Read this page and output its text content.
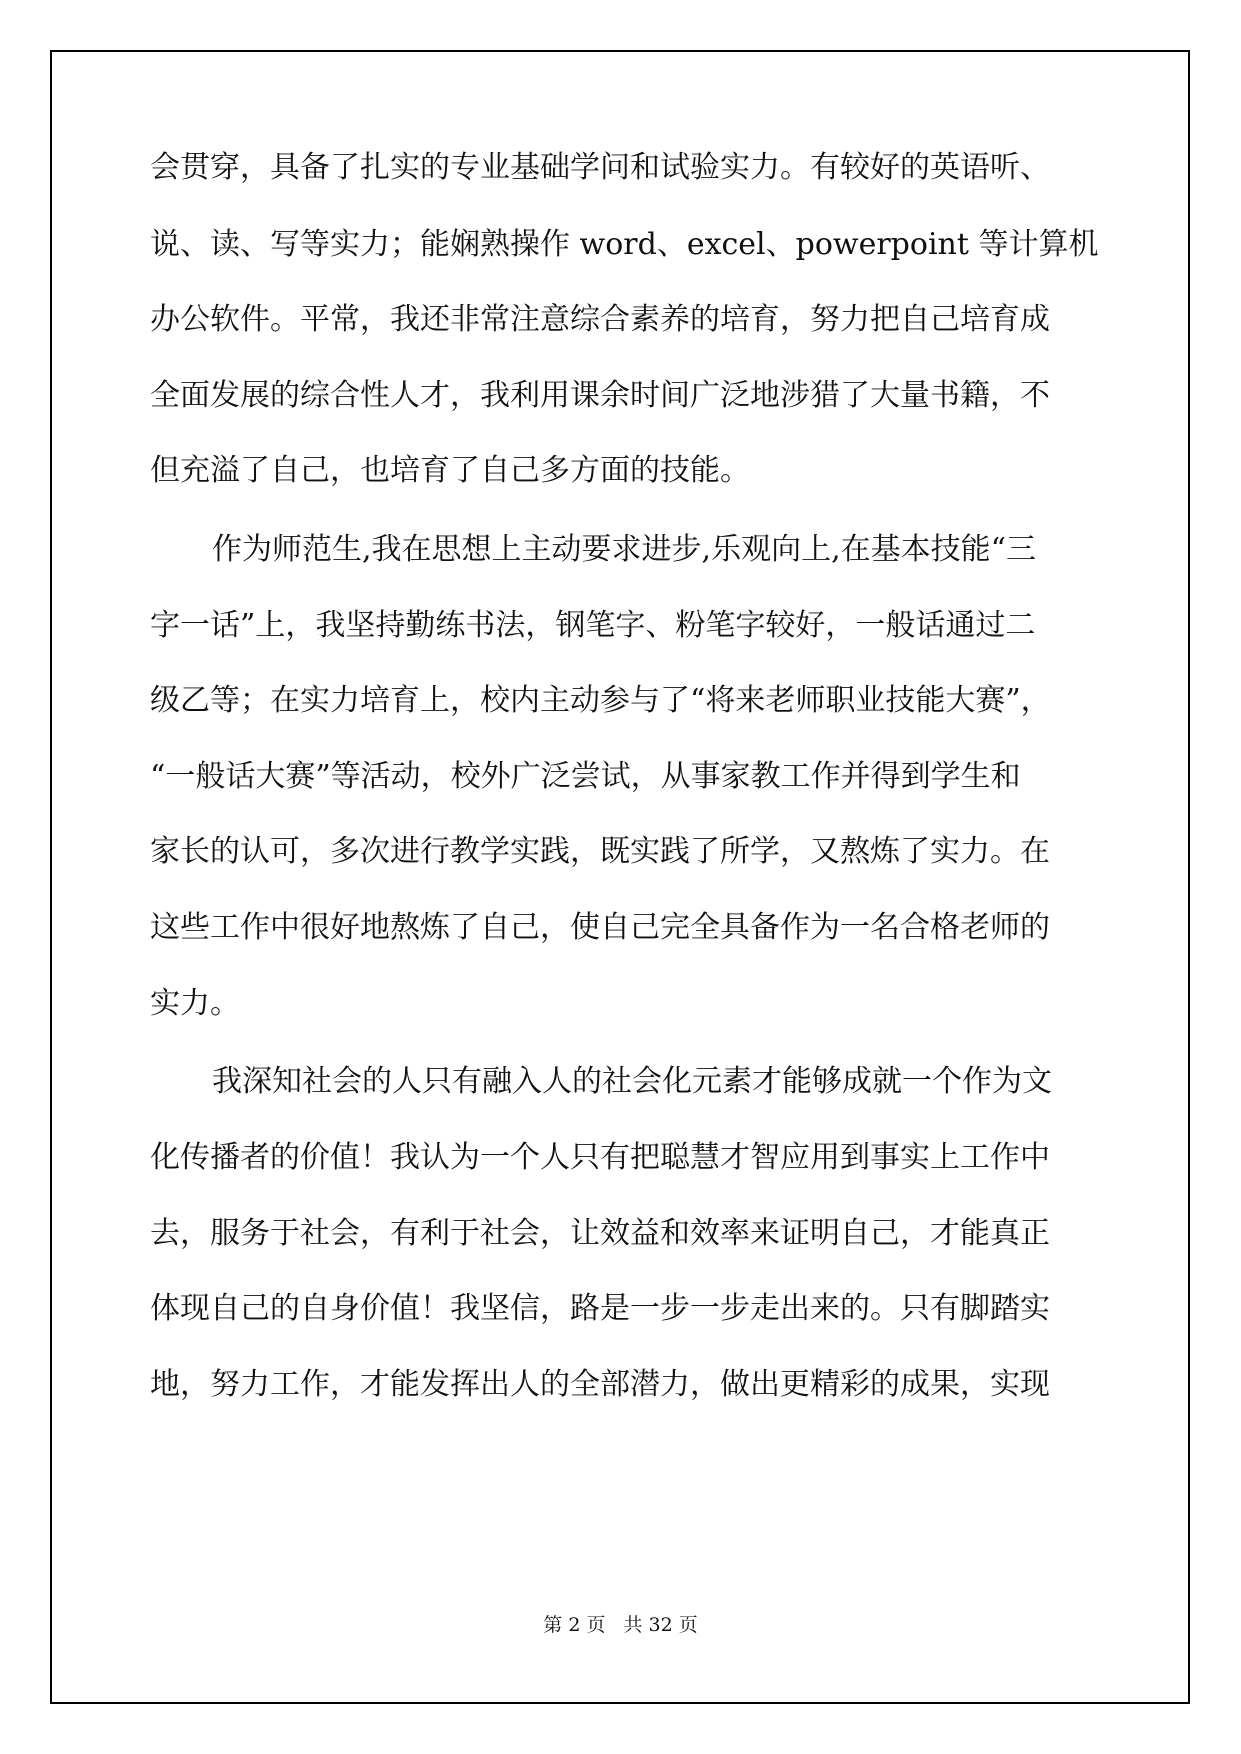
会贯穿，具备了扎实的专业基础学问和试验实力。有较好的英语听、
说、读、写等实力；能娴熟操作 word、excel、powerpoint 等计算机
办公软件。平常，我还非常注意综合素养的培育，努力把自己培育成
全面发展的综合性人才，我利用课余时间广泛地涉猎了大量书籍，不
但充溢了自己，也培育了自己多方面的技能。
作为师范生,我在思想上主动要求进步,乐观向上,在基本技能“三
字一话”上，我坚持勤练书法，钢笔字、粉笔字较好，一般话通过二
级乙等；在实力培育上，校内主动参与了“将来老师职业技能大赛”，
“一般话大赛”等活动，校外广泛尝试，从事家教工作并得到学生和
家长的认可，多次进行教学实践，既实践了所学，又熬炼了实力。在
这些工作中很好地熬炼了自己，使自己完全具备作为一名合格老师的
实力。
我深知社会的人只有融入人的社会化元素才能够成就一个作为文
化传播者的价值！我认为一个人只有把聪慧才智应用到事实上工作中
去，服务于社会，有利于社会，让效益和效率来证明自己，才能真正
体现自己的自身价值！我坚信，路是一步一步走出来的。只有脚踏实
地，努力工作，才能发挥出人的全部潜力，做出更精彩的成果，实现
第 2 页 共 32 页
